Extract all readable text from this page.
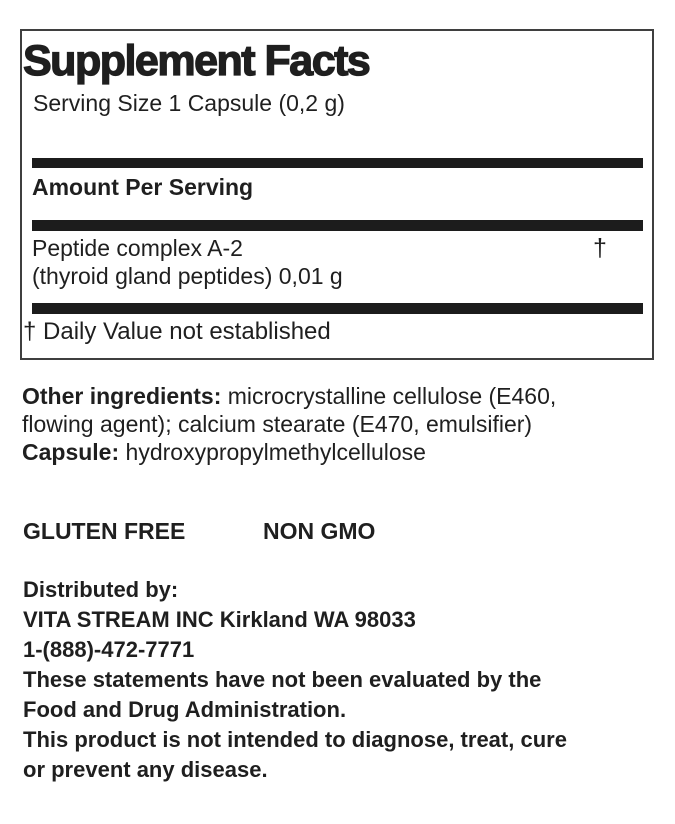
Supplement Facts
Serving Size 1 Capsule (0,2 g)
Amount Per Serving
Peptide complex A-2
(thyroid gland peptides) 0,01 g
†
† Daily Value not established
Other ingredients: microcrystalline cellulose (E460,
flowing agent); calcium stearate (E470, emulsifier)
Capsule: hydroxypropylmethylcellulose
GLUTEN FREE	NON GMO
Distributed by:
VITA STREAM INC Kirkland WA 98033
1-(888)-472-7771
These statements have not been evaluated by the
Food and Drug Administration.
This product is not intended to diagnose, treat, cure
or prevent any disease.
